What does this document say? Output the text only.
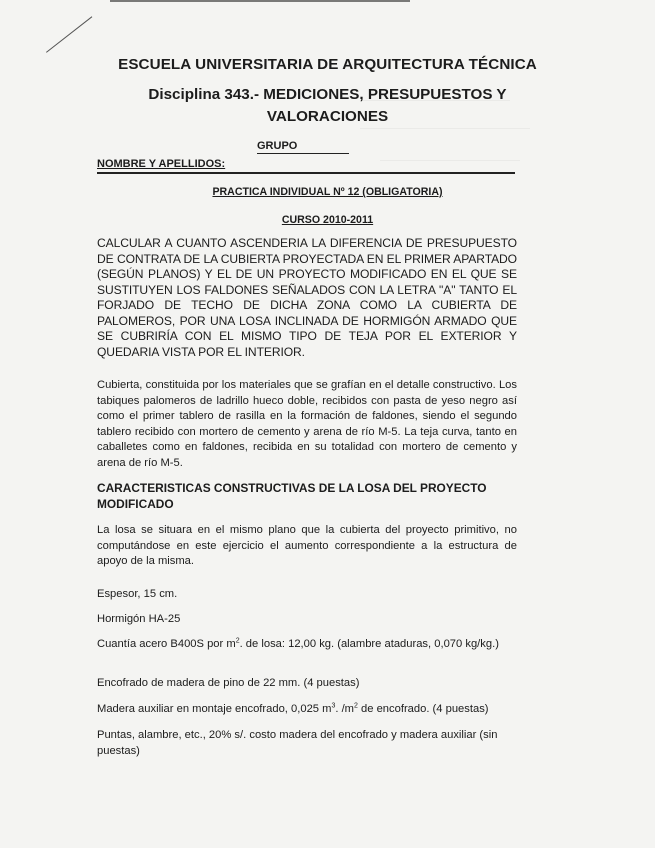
ESCUELA UNIVERSITARIA DE ARQUITECTURA TÉCNICA
Disciplina 343.- MEDICIONES, PRESUPUESTOS Y
VALORACIONES
GRUPO
NOMBRE Y APELLIDOS:
PRACTICA INDIVIDUAL Nº 12 (OBLIGATORIA)
CURSO 2010-2011
CALCULAR A CUANTO ASCENDERIA LA DIFERENCIA DE PRESUPUESTO DE CONTRATA DE LA CUBIERTA PROYECTADA EN EL PRIMER APARTADO (SEGÚN PLANOS) Y EL DE UN PROYECTO MODIFICADO EN EL QUE SE SUSTITUYEN LOS FALDONES SEÑALADOS CON LA LETRA "A" TANTO EL FORJADO DE TECHO DE DICHA ZONA COMO LA CUBIERTA DE PALOMEROS, POR UNA LOSA INCLINADA DE HORMIGÓN ARMADO QUE SE CUBRIRÍA CON EL MISMO TIPO DE TEJA POR EL EXTERIOR Y QUEDARIA VISTA POR EL INTERIOR.
Cubierta, constituida por los materiales que se grafían en el detalle constructivo. Los tabiques palomeros de ladrillo hueco doble, recibidos con pasta de yeso negro así como el primer tablero de rasilla en la formación de faldones, siendo el segundo tablero recibido con mortero de cemento y arena de río M-5. La teja curva, tanto en caballetes como en faldones, recibida en su totalidad con mortero de cemento y arena de río M-5.
CARACTERISTICAS CONSTRUCTIVAS DE LA LOSA DEL PROYECTO MODIFICADO
La losa se situara en el mismo plano que la cubierta del proyecto primitivo, no computándose en este ejercicio el aumento correspondiente a la estructura de apoyo de la misma.
Espesor, 15 cm.
Hormigón HA-25
Cuantía acero B400S por $m^2$. de losa: 12,00 kg. (alambre ataduras, 0,070 kg/kg.)
Encofrado de madera de pino de 22 mm. (4 puestas)
Madera auxiliar en montaje encofrado, 0,025 $m^3$. $/m^2$ de encofrado. (4 puestas)
Puntas, alambre, etc., 20% s/. costo madera del encofrado y madera auxiliar (sin puestas)
